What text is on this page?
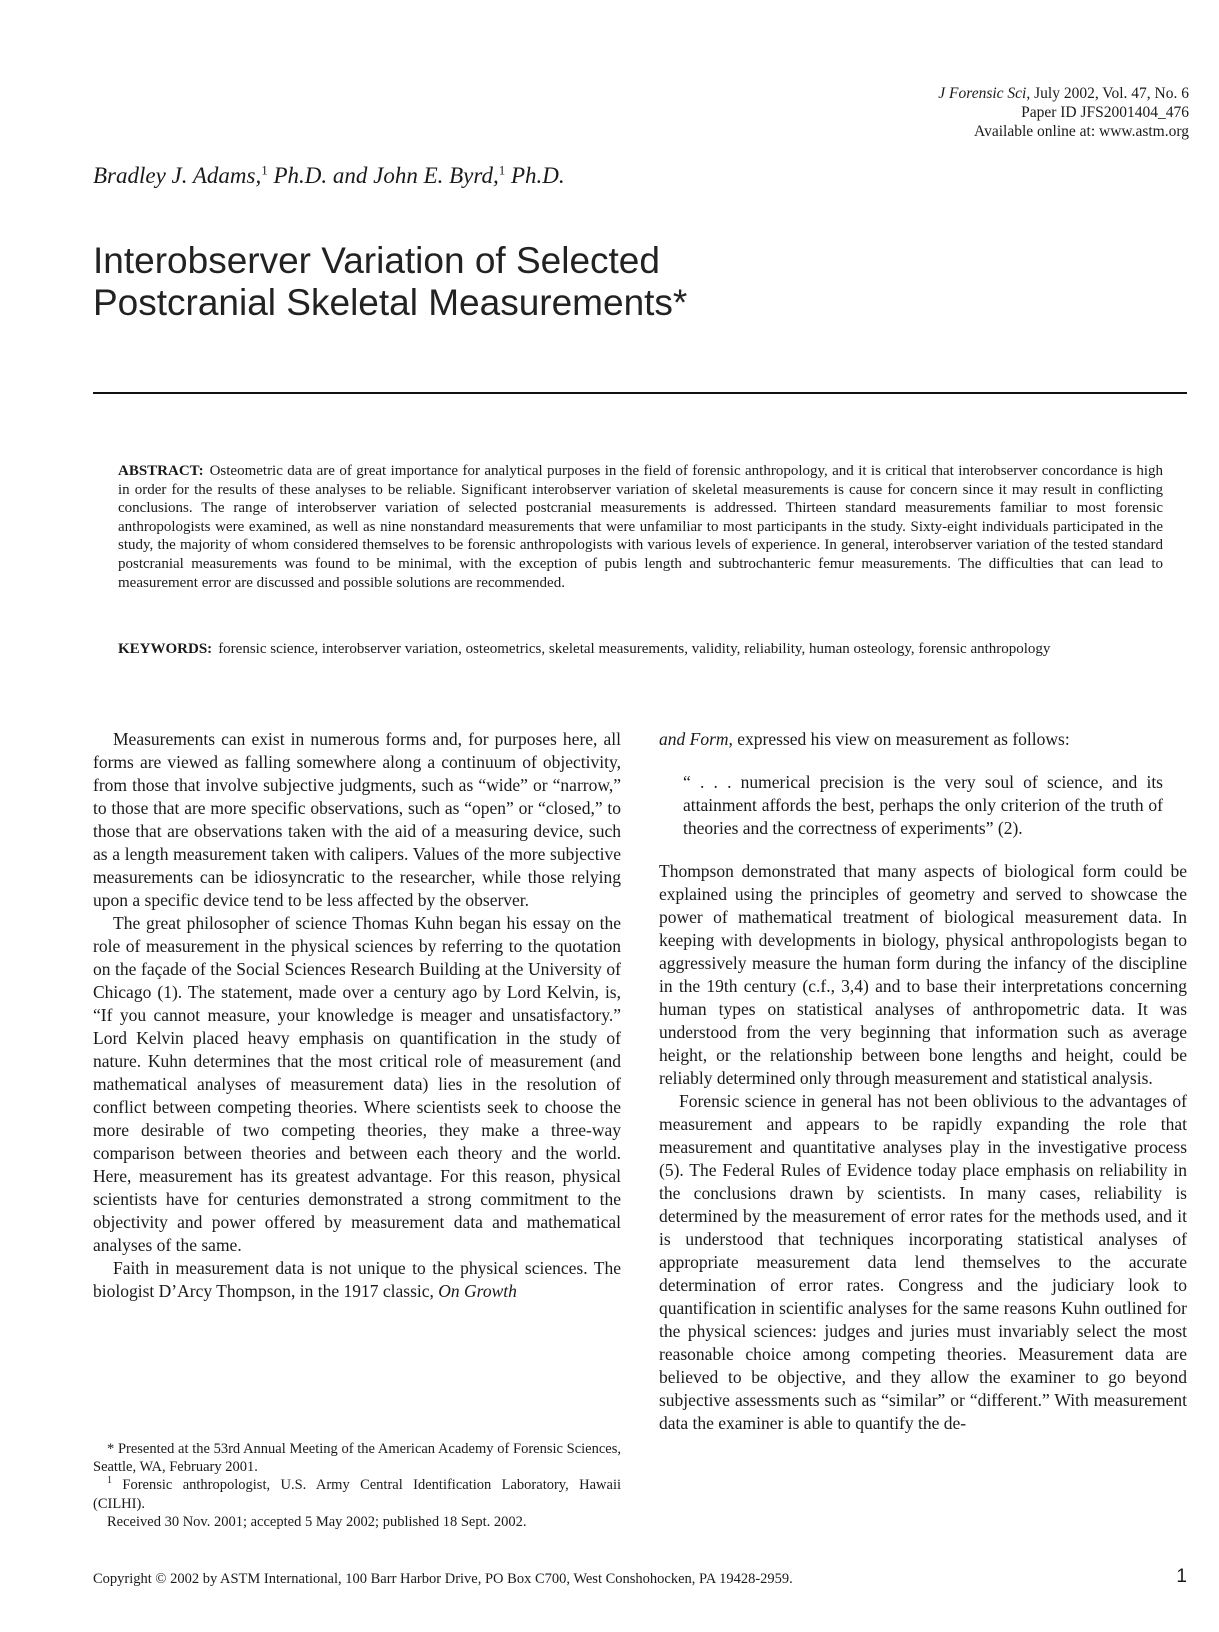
J Forensic Sci, July 2002, Vol. 47, No. 6
Paper ID JFS2001404_476
Available online at: www.astm.org
Bradley J. Adams,$^1$ Ph.D. and John E. Byrd,$^1$ Ph.D.
Interobserver Variation of Selected
Postcranial Skeletal Measurements*
ABSTRACT: Osteometric data are of great importance for analytical purposes in the field of forensic anthropology, and it is critical that interobserver concordance is high in order for the results of these analyses to be reliable. Significant interobserver variation of skeletal measurements is cause for concern since it may result in conflicting conclusions. The range of interobserver variation of selected postcranial measurements is addressed. Thirteen standard measurements familiar to most forensic anthropologists were examined, as well as nine nonstandard measurements that were unfamiliar to most participants in the study. Sixty-eight individuals participated in the study, the majority of whom considered themselves to be forensic anthropologists with various levels of experience. In general, interobserver variation of the tested standard postcranial measurements was found to be minimal, with the exception of pubis length and subtrochanteric femur measurements. The difficulties that can lead to measurement error are discussed and possible solutions are recommended.
KEYWORDS: forensic science, interobserver variation, osteometrics, skeletal measurements, validity, reliability, human osteology, forensic anthropology

Measurements can exist in numerous forms and, for purposes here, all forms are viewed as falling somewhere along a continuum of objectivity, from those that involve subjective judgments, such as “wide” or “narrow,” to those that are more specific observations, such as “open” or “closed,” to those that are observations taken with the aid of a measuring device, such as a length measurement taken with calipers. Values of the more subjective measurements can be idiosyncratic to the researcher, while those relying upon a specific device tend to be less affected by the observer.

The great philosopher of science Thomas Kuhn began his essay on the role of measurement in the physical sciences by referring to the quotation on the façade of the Social Sciences Research Building at the University of Chicago (1). The statement, made over a century ago by Lord Kelvin, is, “If you cannot measure, your knowledge is meager and unsatisfactory.” Lord Kelvin placed heavy emphasis on quantification in the study of nature. Kuhn determines that the most critical role of measurement (and mathematical analyses of measurement data) lies in the resolution of conflict between competing theories. Where scientists seek to choose the more desirable of two competing theories, they make a three-way comparison between theories and between each theory and the world. Here, measurement has its greatest advantage. For this reason, physical scientists have for centuries demonstrated a strong commitment to the objectivity and power offered by measurement data and mathematical analyses of the same.

Faith in measurement data is not unique to the physical sciences. The biologist D’Arcy Thompson, in the 1917 classic, On Growth

and Form, expressed his view on measurement as follows:

“ . . . numerical precision is the very soul of science, and its attainment affords the best, perhaps the only criterion of the truth of theories and the correctness of experiments” (2).

Thompson demonstrated that many aspects of biological form could be explained using the principles of geometry and served to showcase the power of mathematical treatment of biological measurement data. In keeping with developments in biology, physical anthropologists began to aggressively measure the human form during the infancy of the discipline in the 19th century (c.f., 3,4) and to base their interpretations concerning human types on statistical analyses of anthropometric data. It was understood from the very beginning that information such as average height, or the relationship between bone lengths and height, could be reliably determined only through measurement and statistical analysis.

Forensic science in general has not been oblivious to the advantages of measurement and appears to be rapidly expanding the role that measurement and quantitative analyses play in the investigative process (5). The Federal Rules of Evidence today place emphasis on reliability in the conclusions drawn by scientists. In many cases, reliability is determined by the measurement of error rates for the methods used, and it is understood that techniques incorporating statistical analyses of appropriate measurement data lend themselves to the accurate determination of error rates. Congress and the judiciary look to quantification in scientific analyses for the same reasons Kuhn outlined for the physical sciences: judges and juries must invariably select the most reasonable choice among competing theories. Measurement data are believed to be objective, and they allow the examiner to go beyond subjective assessments such as “similar” or “different.” With measurement data the examiner is able to quantify the de-

* Presented at the 53rd Annual Meeting of the American Academy of Forensic Sciences, Seattle, WA, February 2001.

$^1$ Forensic anthropologist, U.S. Army Central Identification Laboratory, Hawaii (CILHI).

Received 30 Nov. 2001; accepted 5 May 2002; published 18 Sept. 2002.

Copyright © 2002 by ASTM International, 100 Barr Harbor Drive, PO Box C700, West Conshohocken, PA 19428-2959.	1
